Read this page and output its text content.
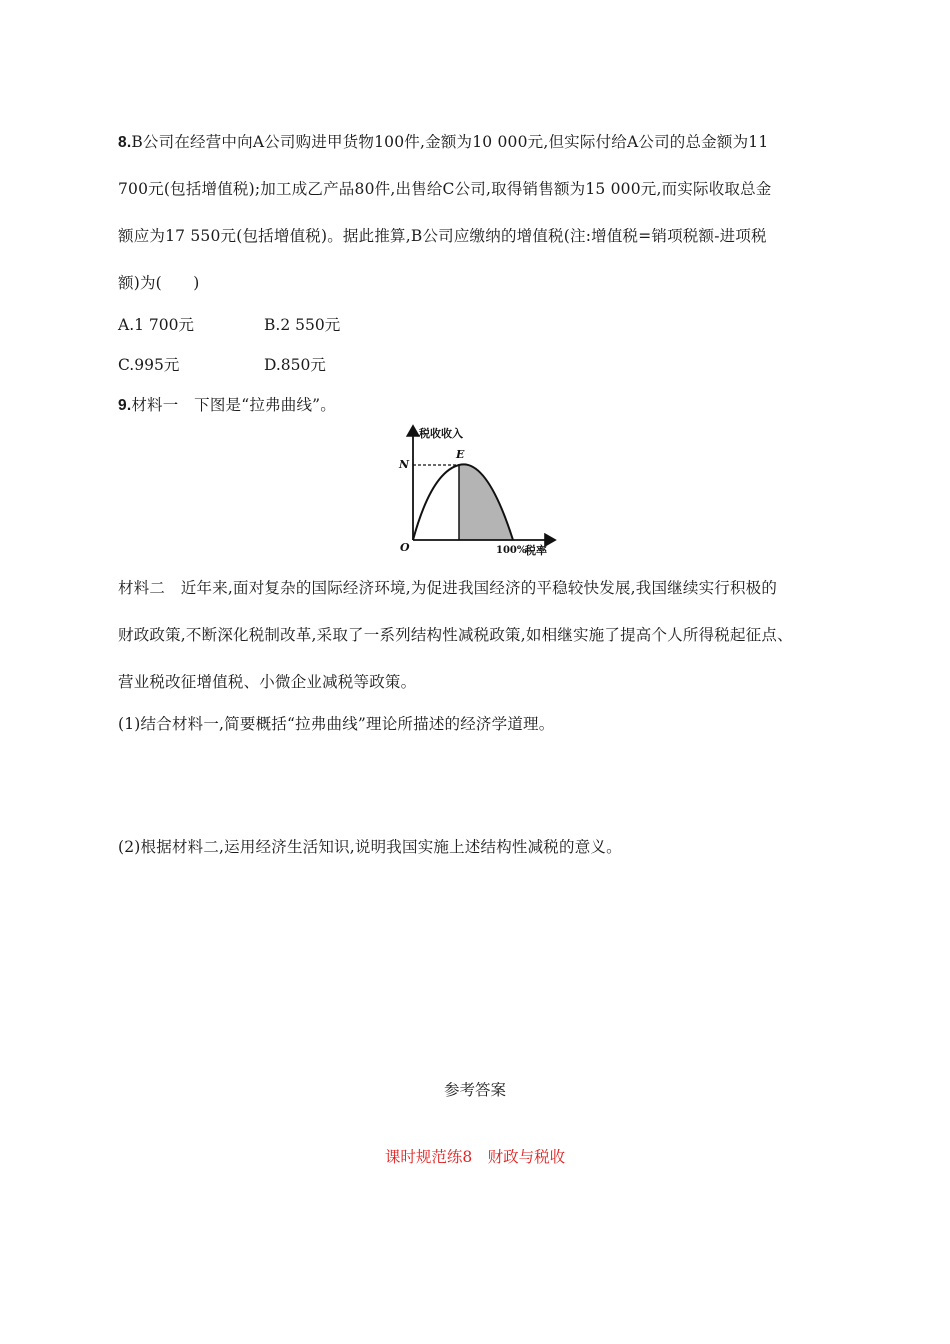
8.B公司在经营中向A公司购进甲货物100件,金额为10 000元,但实际付给A公司的总金额为11
700元(包括增值税);加工成乙产品80件,出售给C公司,取得销售额为15 000元,而实际收取总金
额应为17 550元(包括增值税)。据此推算,B公司应缴纳的增值税(注:增值税=销项税额-进项税
额)为(　　)
A.1 700元	B.2 550元
C.995元	D.850元
9.材料一　下图是“拉弗曲线”。
税收收入
N
E
O	100%
税率
材料二　近年来,面对复杂的国际经济环境,为促进我国经济的平稳较快发展,我国继续实行积极的
财政政策,不断深化税制改革,采取了一系列结构性减税政策,如相继实施了提高个人所得税起征点、
营业税改征增值税、小微企业减税等政策。
(1)结合材料一,简要概括“拉弗曲线”理论所描述的经济学道理。
(2)根据材料二,运用经济生活知识,说明我国实施上述结构性减税的意义。
参考答案
课时规范练8　财政与税收
